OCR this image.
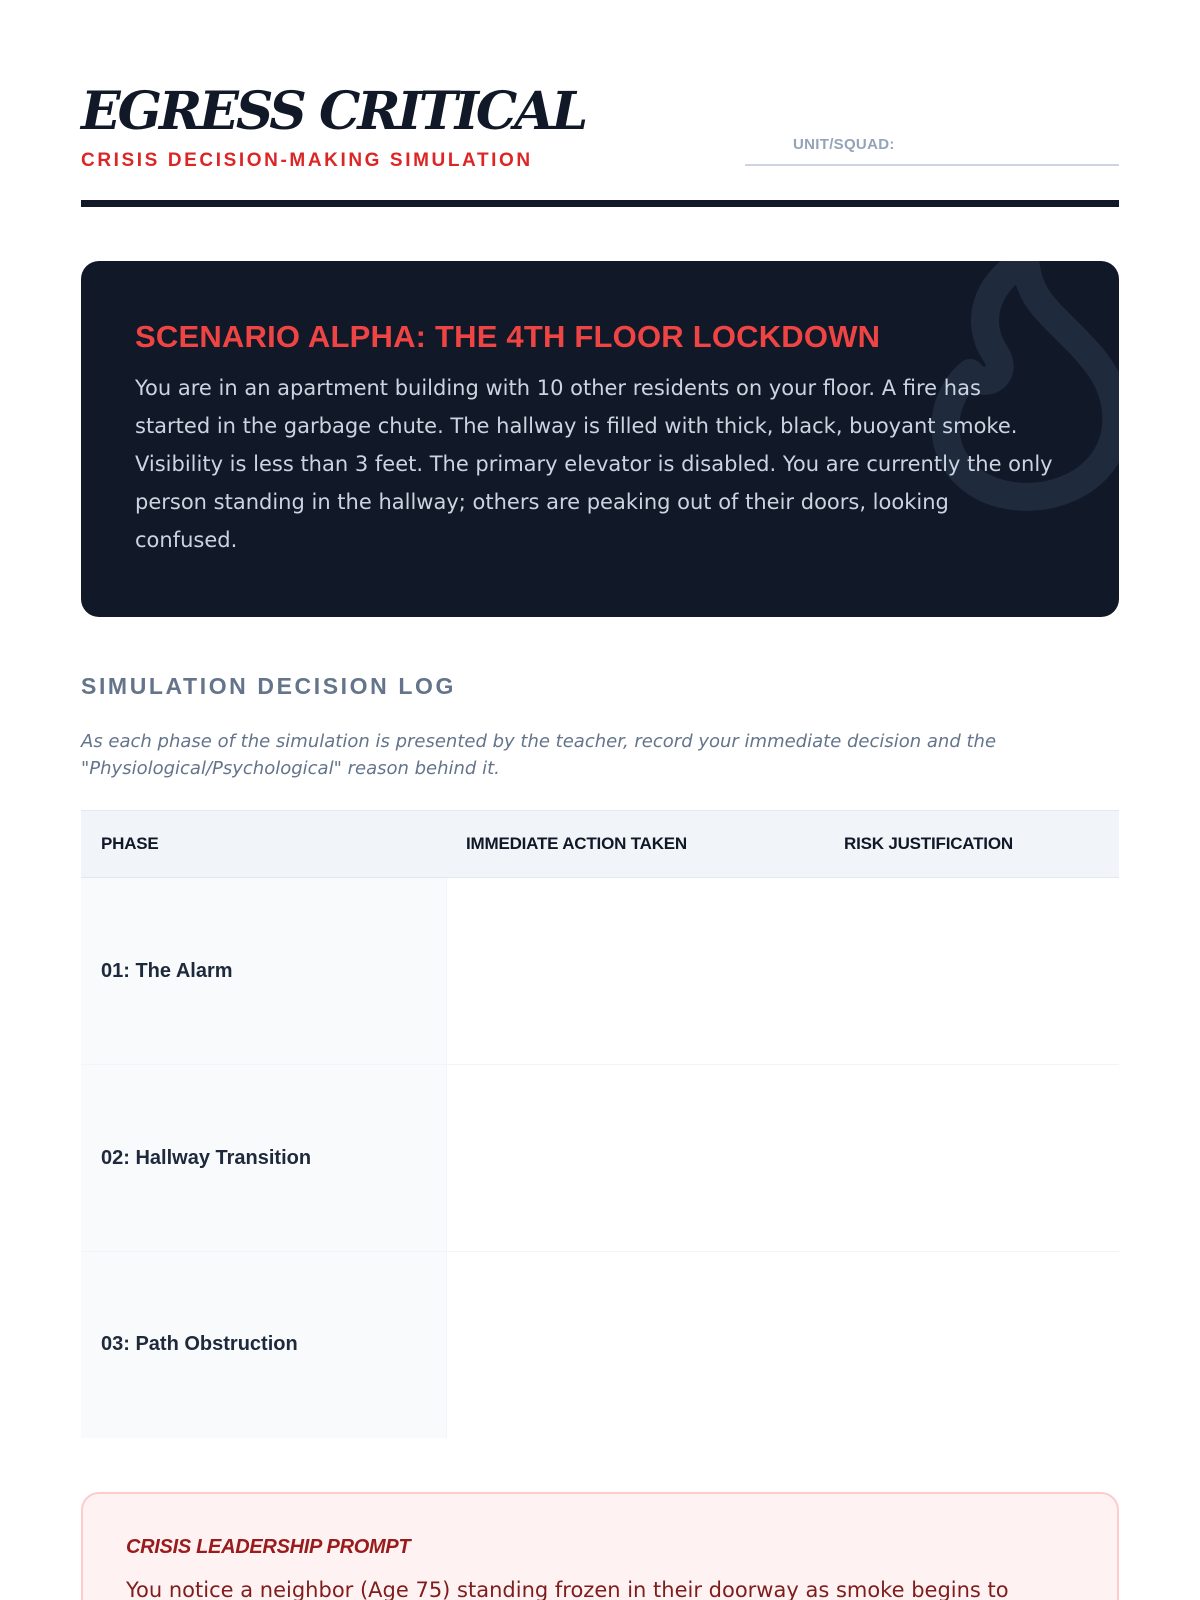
EGRESS CRITICAL
CRISIS DECISION-MAKING SIMULATION
UNIT/SQUAD:
SCENARIO ALPHA: THE 4TH FLOOR LOCKDOWN

You are in an apartment building with 10 other residents on your floor. A fire has started in the garbage chute. The hallway is filled with thick, black, buoyant smoke. Visibility is less than 3 feet. The primary elevator is disabled. You are currently the only person standing in the hallway; others are peaking out of their doors, looking confused.

SIMULATION DECISION LOG

As each phase of the simulation is presented by the teacher, record your immediate decision and the "Physiological/Psychological" reason behind it.

PHASE	IMMEDIATE ACTION TAKEN	RISK JUSTIFICATION
01: The Alarm		
02: Hallway Transition		
03: Path Obstruction		
CRISIS LEADERSHIP PROMPT

You notice a neighbor (Age 75) standing frozen in their doorway as smoke begins to
